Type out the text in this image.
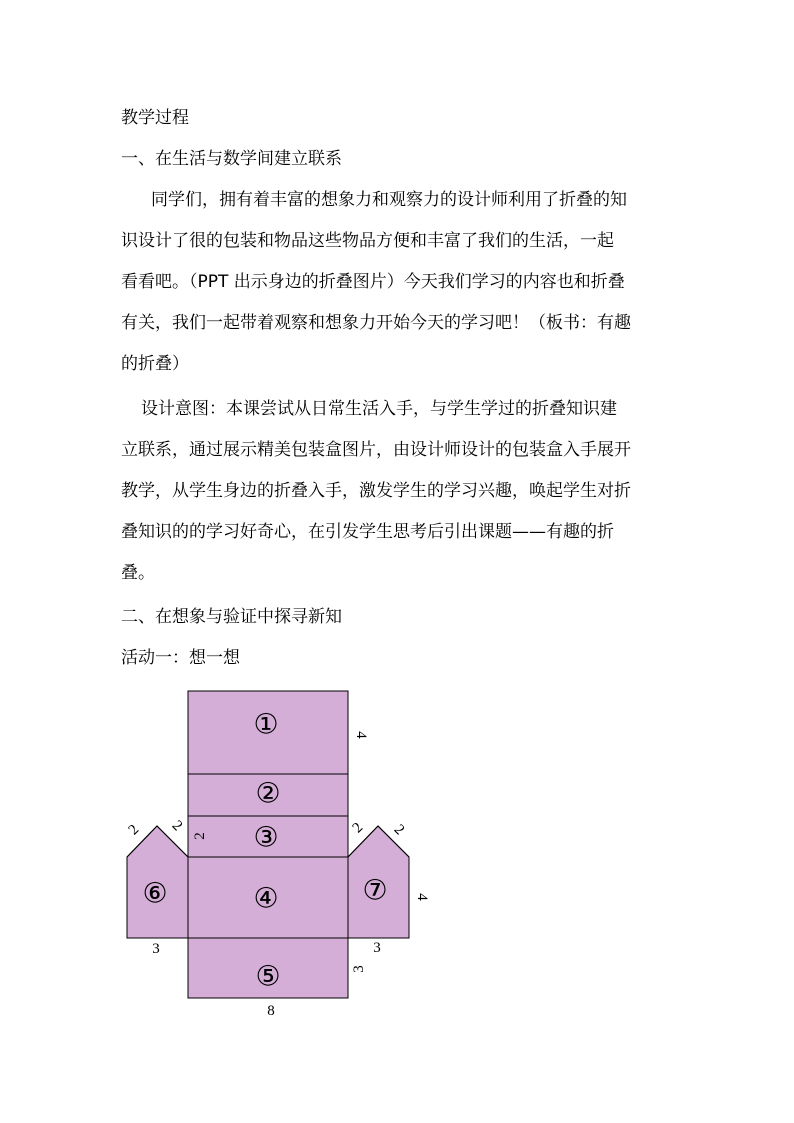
教学过程
一、在生活与数学间建立联系
同学们，拥有着丰富的想象力和观察力的设计师利用了折叠的知
识设计了很的包装和物品这些物品方便和丰富了我们的生活，一起
看看吧。（PPT 出示身边的折叠图片）今天我们学习的内容也和折叠
有关，我们一起带着观察和想象力开始今天的学习吧！（板书：有趣
的折叠）
设计意图：本课尝试从日常生活入手，与学生学过的折叠知识建
立联系，通过展示精美包装盒图片，由设计师设计的包装盒入手展开
教学，从学生身边的折叠入手，激发学生的学习兴趣，唤起学生对折
叠知识的的学习好奇心，在引发学生思考后引出课题——有趣的折
叠。
二、在想象与验证中探寻新知
活动一：想一想
①
②
③
④
⑤
⑥	⑦
4
2
2 2	2 2
4
3	3
3
8
